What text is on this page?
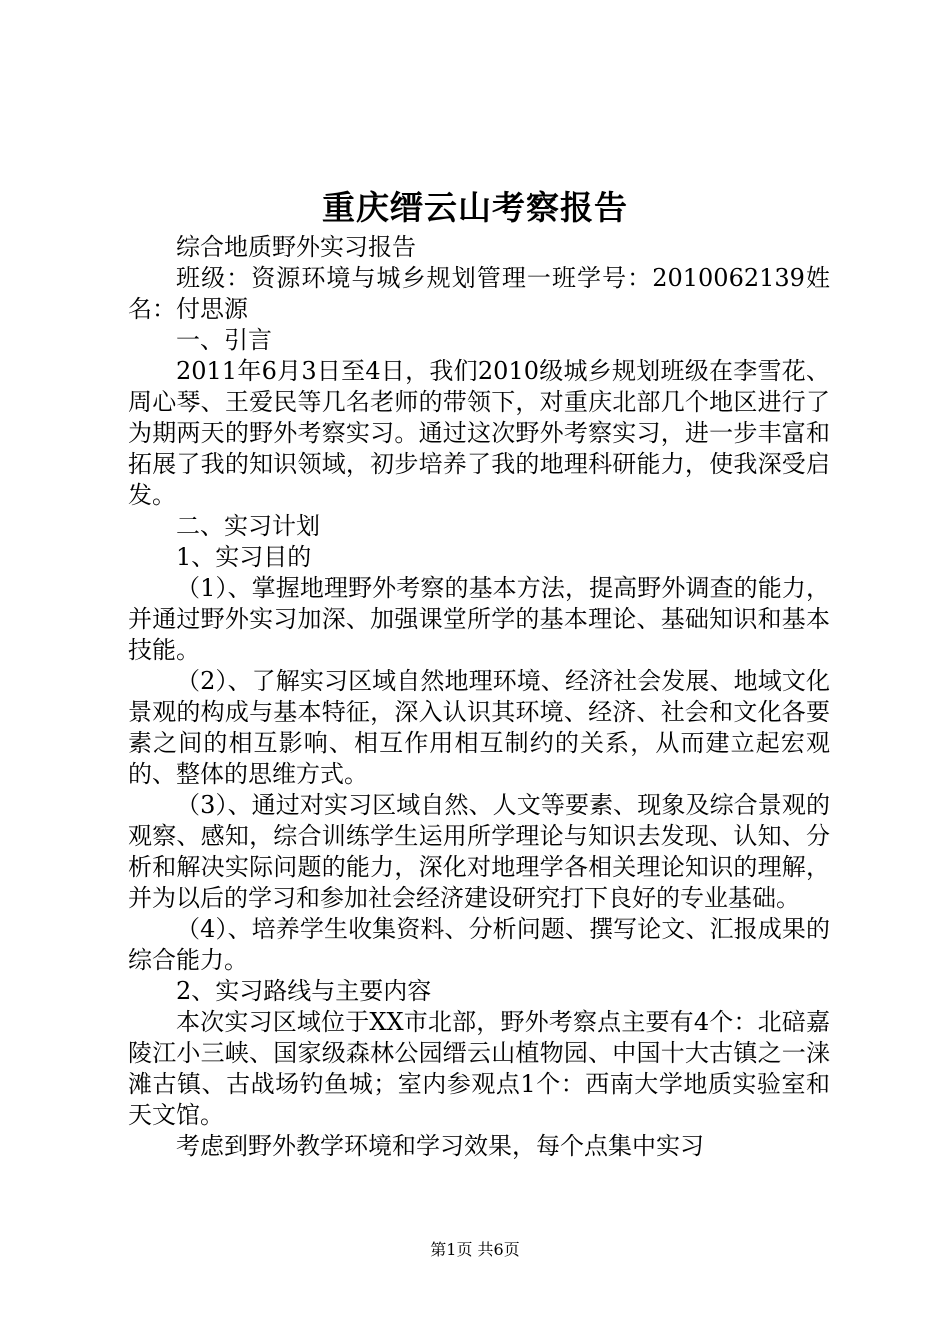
重庆缙云山考察报告

综合地质野外实习报告

班级：资源环境与城乡规划管理一班学号：2010062139姓名：付思源

一、引言

2011年6月3日至4日，我们2010级城乡规划班级在李雪花、周心琴、王爱民等几名老师的带领下，对重庆北部几个地区进行了为期两天的野外考察实习。通过这次野外考察实习，进一步丰富和拓展了我的知识领域，初步培养了我的地理科研能力，使我深受启发。

二、实习计划

1、实习目的

（1）、掌握地理野外考察的基本方法，提高野外调查的能力，并通过野外实习加深、加强课堂所学的基本理论、基础知识和基本技能。

（2）、了解实习区域自然地理环境、经济社会发展、地域文化景观的构成与基本特征，深入认识其环境、经济、社会和文化各要素之间的相互影响、相互作用相互制约的关系，从而建立起宏观的、整体的思维方式。

（3）、通过对实习区域自然、人文等要素、现象及综合景观的观察、感知，综合训练学生运用所学理论与知识去发现、认知、分析和解决实际问题的能力，深化对地理学各相关理论知识的理解，并为以后的学习和参加社会经济建设研究打下良好的专业基础。

（4）、培养学生收集资料、分析问题、撰写论文、汇报成果的综合能力。

2、实习路线与主要内容

本次实习区域位于XX市北部，野外考察点主要有4个：北碚嘉陵江小三峡、国家级森林公园缙云山植物园、中国十大古镇之一涞滩古镇、古战场钓鱼城；室内参观点1个：西南大学地质实验室和天文馆。

考虑到野外教学环境和学习效果，每个点集中实习

第1页 共6页
